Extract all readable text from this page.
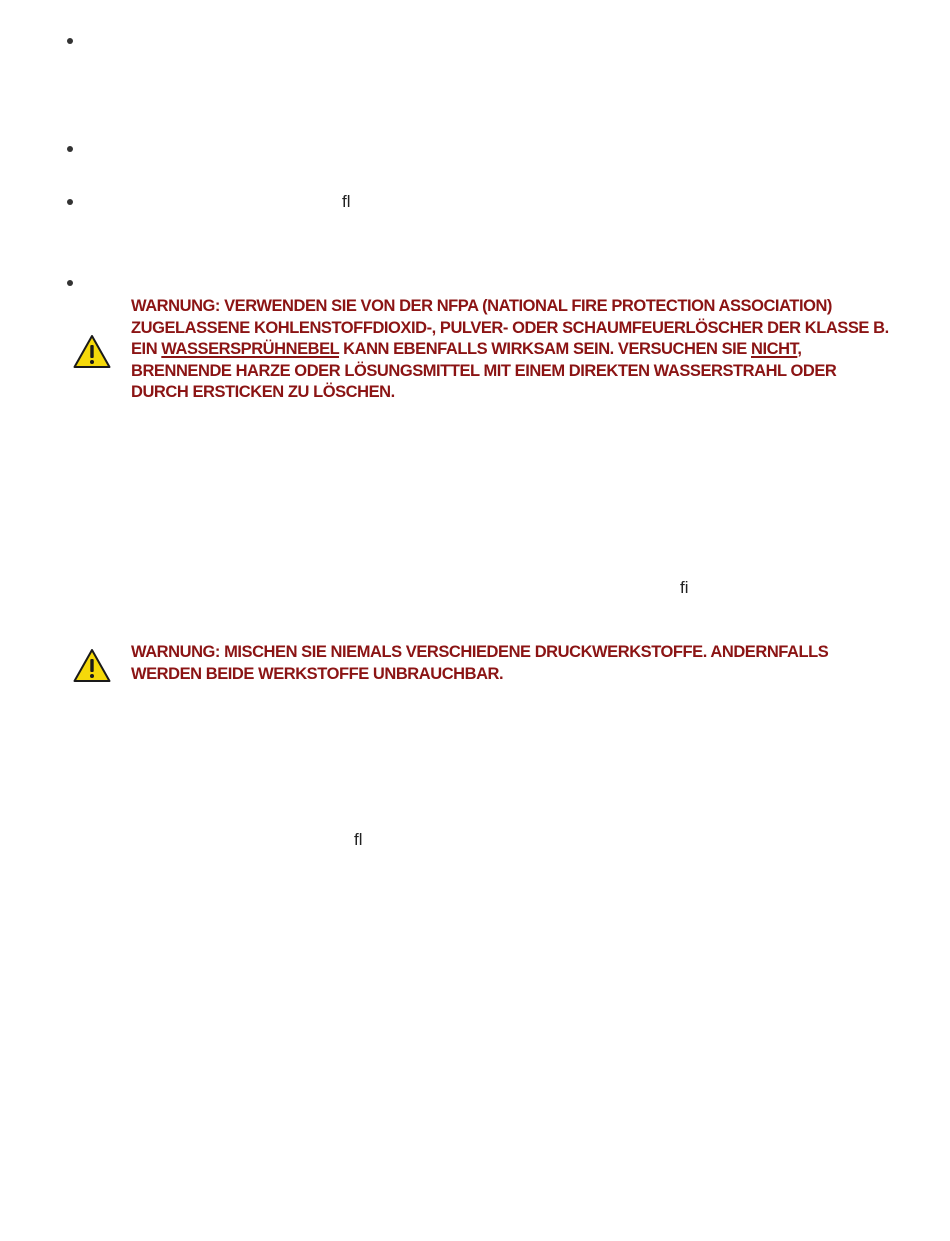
ﬂ
ﬁ
ﬂ
WARNUNG: VERWENDEN SIE VON DER NFPA (NATIONAL FIRE PROTECTION ASSOCIATION) ZUGELASSENE KOHLENSTOFFDIOXID-, PULVER- ODER SCHAUMFEUERLÖSCHER DER KLASSE B. EIN WASSERSPRÜHNEBEL KANN EBENFALLS WIRKSAM SEIN. VERSUCHEN SIE NICHT, BRENNENDE HARZE ODER LÖSUNGSMITTEL MIT EINEM DIREKTEN WASSERSTRAHL ODER DURCH ERSTICKEN ZU LÖSCHEN.
WARNUNG: MISCHEN SIE NIEMALS VERSCHIEDENE DRUCKWERKSTOFFE. ANDERNFALLS WERDEN BEIDE WERKSTOFFE UNBRAUCHBAR.
